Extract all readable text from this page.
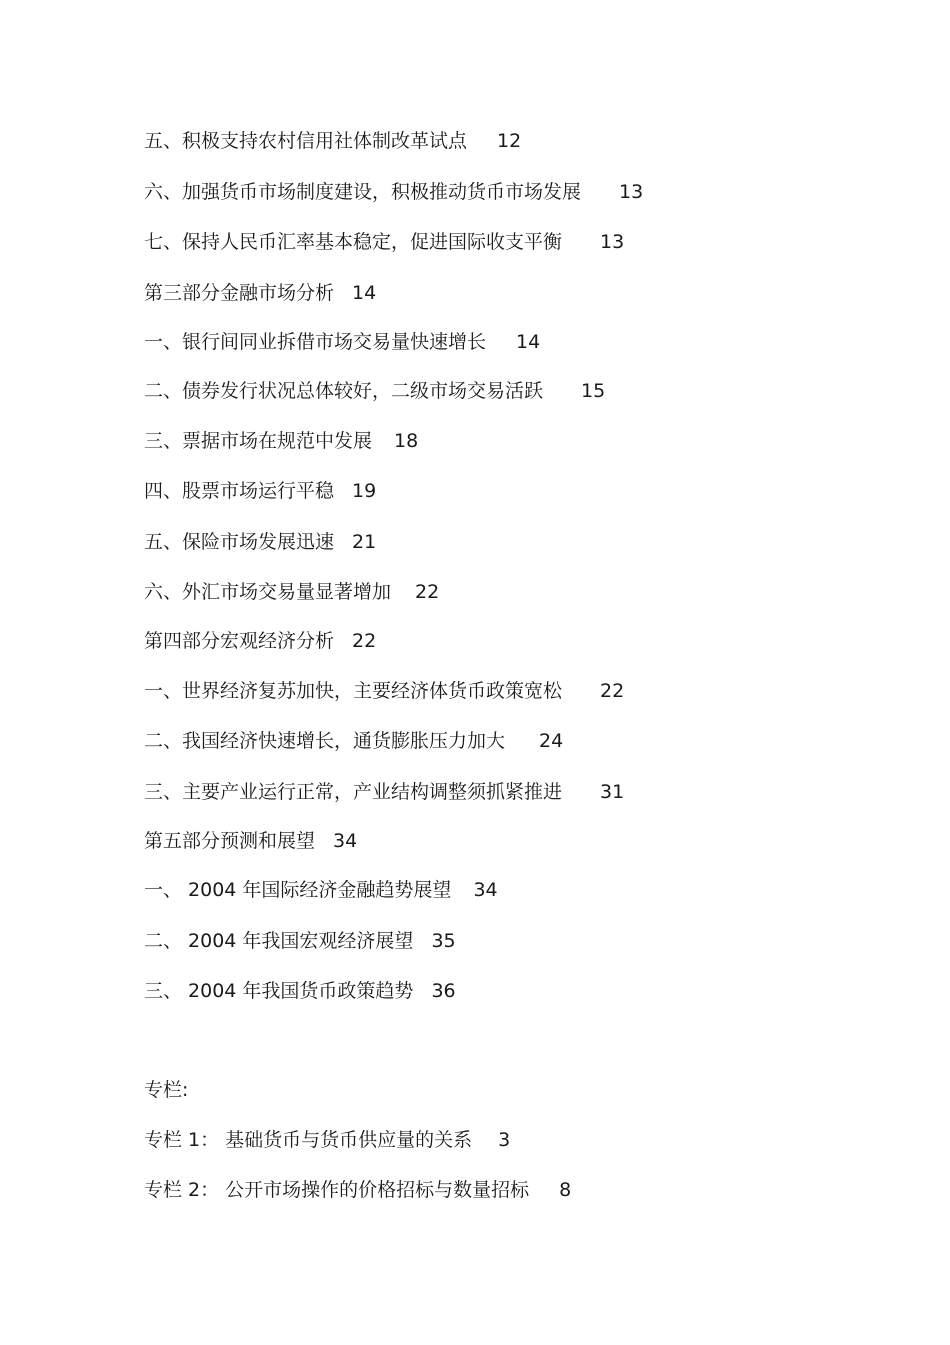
五、积极支持农村信用社体制改革试点 12
六、加强货币市场制度建设，积极推动货币市场发展 13
七、保持人民币汇率基本稳定，促进国际收支平衡 13
第三部分金融市场分析 14
一、银行间同业拆借市场交易量快速增长 14
二、债券发行状况总体较好，二级市场交易活跃 15
三、票据市场在规范中发展 18
四、股票市场运行平稳 19
五、保险市场发展迅速 21
六、外汇市场交易量显著增加 22
第四部分宏观经济分析 22
一、世界经济复苏加快，主要经济体货币政策宽松 22
二、我国经济快速增长，通货膨胀压力加大 24
三、主要产业运行正常，产业结构调整须抓紧推进 31
第五部分预测和展望 34
一、 2004 年国际经济金融趋势展望 34
二、 2004 年我国宏观经济展望 35
三、 2004 年我国货币政策趋势 36
专栏:
专栏 1： 基础货币与货币供应量的关系 3
专栏 2： 公开市场操作的价格招标与数量招标 8
